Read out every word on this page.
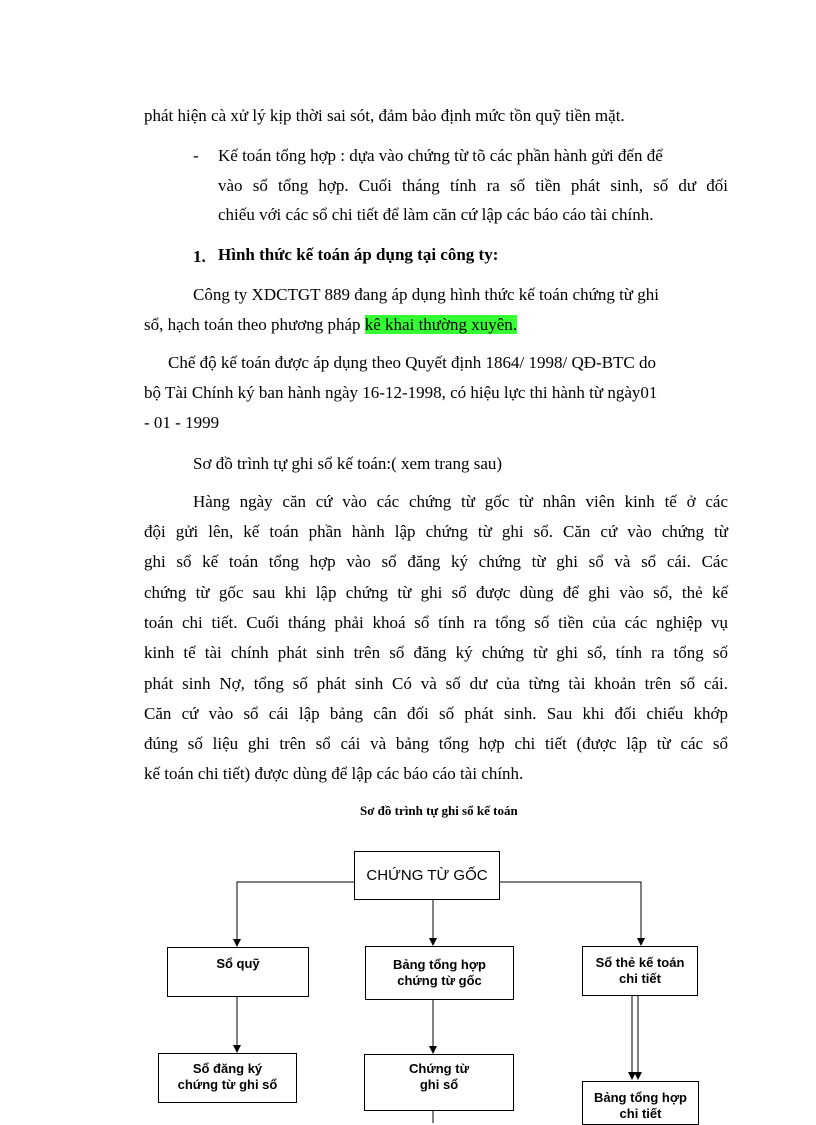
phát hiện cà xử lý kịp thời sai sót, đảm bảo định mức tồn quỹ tiền mặt.
- Kế toán tổng hợp : dựa vào chứng từ tõ các phần hành gửi đến để
vào sổ tổng hợp. Cuối tháng tính ra số tiền phát sinh, số dư đối
chiếu với các sổ chi tiết để làm căn cứ lập các báo cáo tài chính.
1. Hình thức kế toán áp dụng tại công ty:
Công ty XDCTGT 889 đang áp dụng hình thức kế toán chứng từ ghi
sổ, hạch toán theo phương pháp kê khai thường xuyên.
Chế độ kế toán được áp dụng theo Quyết định 1864/ 1998/ QĐ-BTC do
bộ Tài Chính ký ban hành ngày 16-12-1998, có hiệu lực thi hành từ ngày01
- 01 - 1999
Sơ đồ trình tự ghi sổ kế toán:( xem trang sau)
Hàng ngày căn cứ vào các chứng từ gốc từ nhân viên kinh tế ở các
đội gửi lên, kế toán phần hành lập chứng từ ghi sổ. Căn cứ vào chứng từ
ghi sổ kế toán tổng hợp vào sổ đăng ký chứng từ ghi sổ và sổ cái. Các
chứng từ gốc sau khi lập chứng từ ghi sổ được dùng để ghi vào sổ, thẻ kế
toán chi tiết. Cuối tháng phải khoá sổ tính ra tổng số tiền của các nghiệp vụ
kinh tế tài chính phát sinh trên sổ đăng ký chứng từ ghi sổ, tính ra tổng số
phát sinh Nợ, tổng số phát sinh Có và số dư của từng tài khoản trên sổ cái.
Căn cứ vào sổ cái lập bảng cân đối số phát sinh. Sau khi đối chiếu khớp
đúng số liệu ghi trên sổ cái và bảng tổng hợp chi tiết (được lập từ các sổ
kế toán chi tiết) được dùng để lập các báo cáo tài chính.
Sơ đồ trình tự ghi sổ kế toán
CHỨNG TỪ GỐC
Sổ quỹ	Bảng tổng hợp
chứng từ gốc
Sổ thẻ kế toán
chi tiết
Sổ đăng ký
chứng từ ghi sổ
Chứng từ
ghi sổ
Bảng tổng hợp
chi tiết
